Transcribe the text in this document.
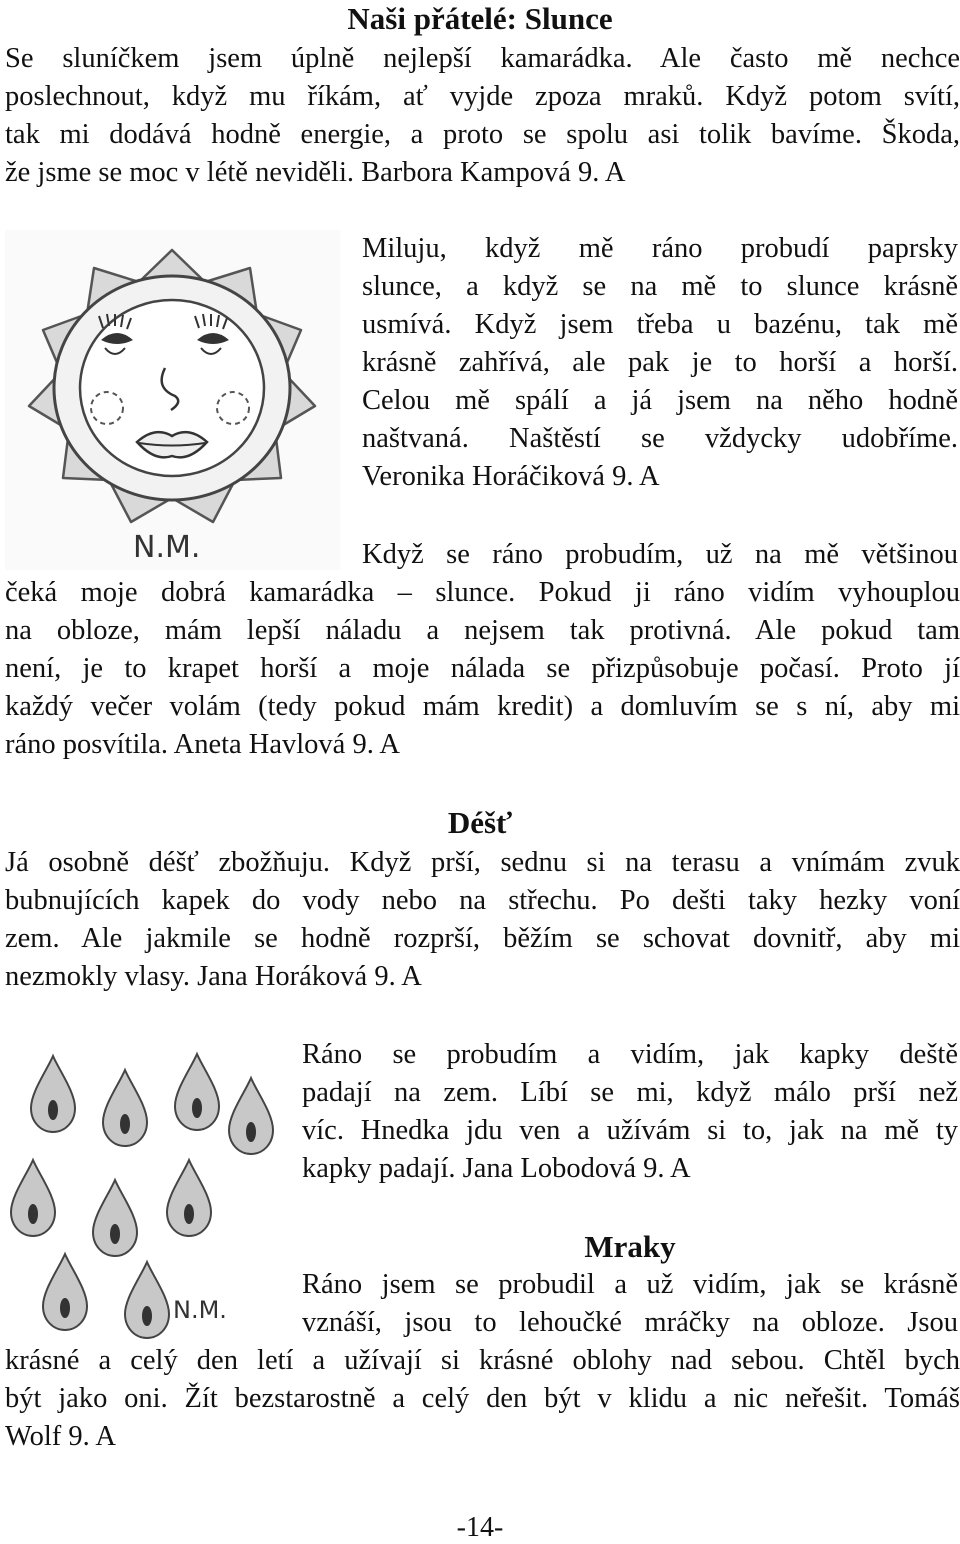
Naši přátelé: Slunce
Se sluníčkem jsem úplně nejlepší kamarádka. Ale často mě nechce
poslechnout, když mu říkám, ať vyjde zpoza mraků. Když potom svítí,
tak mi dodává hodně energie, a proto se spolu asi tolik bavíme. Škoda,
že jsme se moc v létě neviděli. Barbora Kampová 9. A
N.M.
Miluju, když mě ráno probudí paprsky
slunce, a když se na mě to slunce krásně
usmívá. Když jsem třeba u bazénu, tak mě
krásně zahřívá, ale pak je to horší a horší.
Celou mě spálí a já jsem na něho hodně
naštvaná. Naštěstí se vždycky udobříme.
Veronika Horáčiková 9. A
Když se ráno probudím, už na mě většinou
čeká moje dobrá kamarádka – slunce. Pokud ji ráno vidím vyhouplou
na obloze, mám lepší náladu a nejsem tak protivná. Ale pokud tam
není, je to krapet horší a moje nálada se přizpůsobuje počasí. Proto jí
každý večer volám (tedy pokud mám kredit) a domluvím se s ní, aby mi
ráno posvítila. Aneta Havlová 9. A
Déšť
Já osobně déšť zbožňuju. Když prší, sednu si na terasu a vnímám zvuk
bubnujících kapek do vody nebo na střechu. Po dešti taky hezky voní
zem. Ale jakmile se hodně rozprší, běžím se schovat dovnitř, aby mi
nezmokly vlasy. Jana Horáková 9. A
N.M.
Ráno se probudím a vidím, jak kapky deště
padají na zem. Líbí se mi, když málo prší než
víc. Hnedka jdu ven a užívám si to, jak na mě ty
kapky padají. Jana Lobodová 9. A
Mraky
Ráno jsem se probudil a už vidím, jak se krásně
vznáší, jsou to lehoučké mráčky na obloze. Jsou
krásné a celý den letí a užívají si krásné oblohy nad sebou. Chtěl bych
být jako oni. Žít bezstarostně a celý den být v klidu a nic neřešit. Tomáš
Wolf 9. A
-14-
